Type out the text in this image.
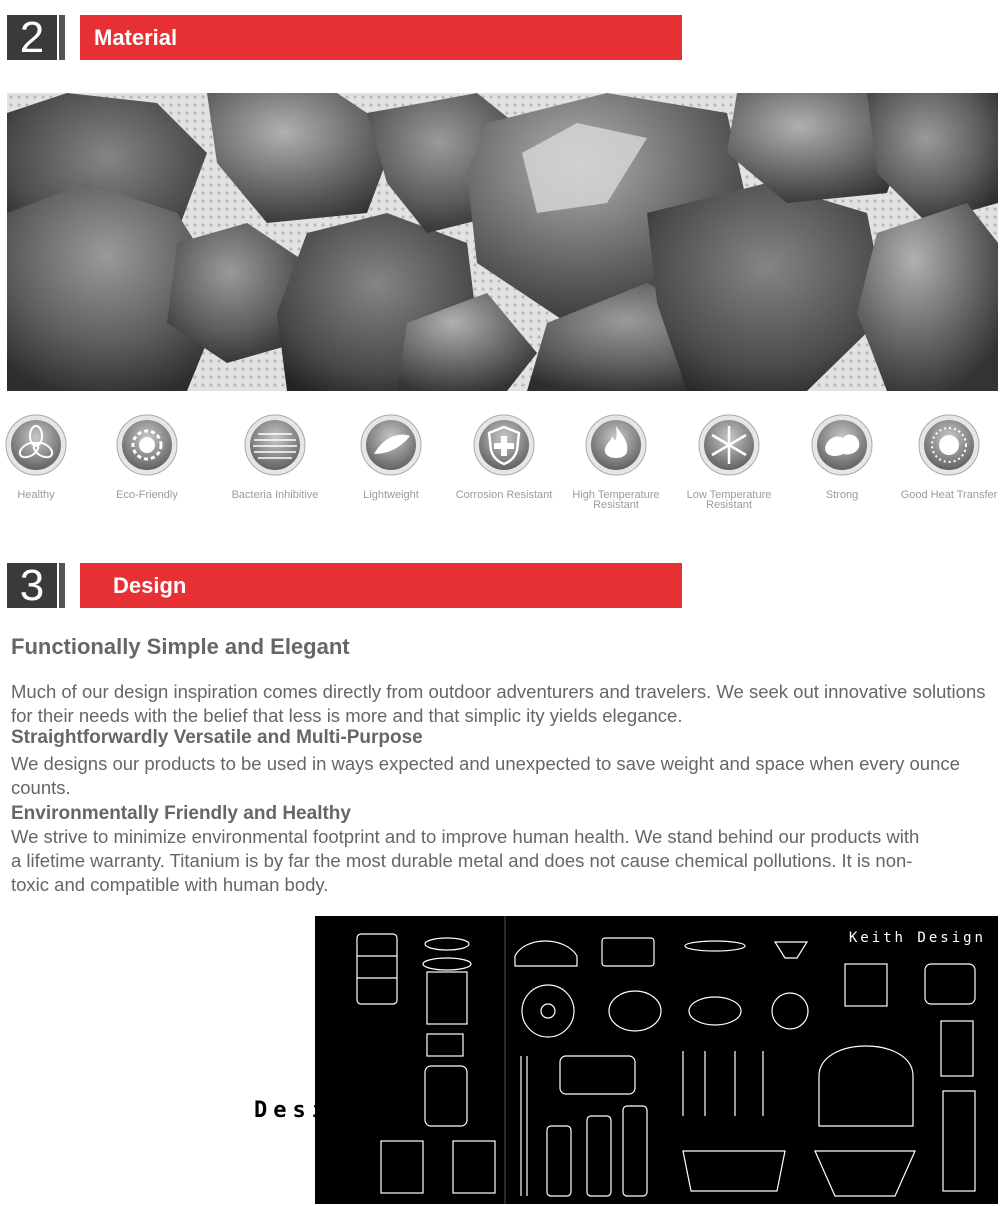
2	Material
Healthy	Eco-Friendly	Bacteria Inhibitive	Lightweight	Corrosion Resistant	High Temperature Resistant
Low Temperature Resistant
Strong	Good Heat Transfer
3	Design
Functionally Simple and Elegant
Much of our design inspiration comes directly from outdoor adventurers and travelers. We seek out innovative solutions for their needs with the belief that less is more and that simplic ity yields elegance.
Straightforwardly Versatile and Multi-Purpose
We designs our products to be used in ways expected and unexpected to save weight and space when every ounce counts.
Environmentally Friendly and Healthy
We strive to minimize environmental footprint and to improve human health. We stand behind our products with a lifetime warranty. Titanium is by far the most durable metal and does not cause chemical pollutions. It is non-toxic and compatible with human body.
Keith Design
Design
